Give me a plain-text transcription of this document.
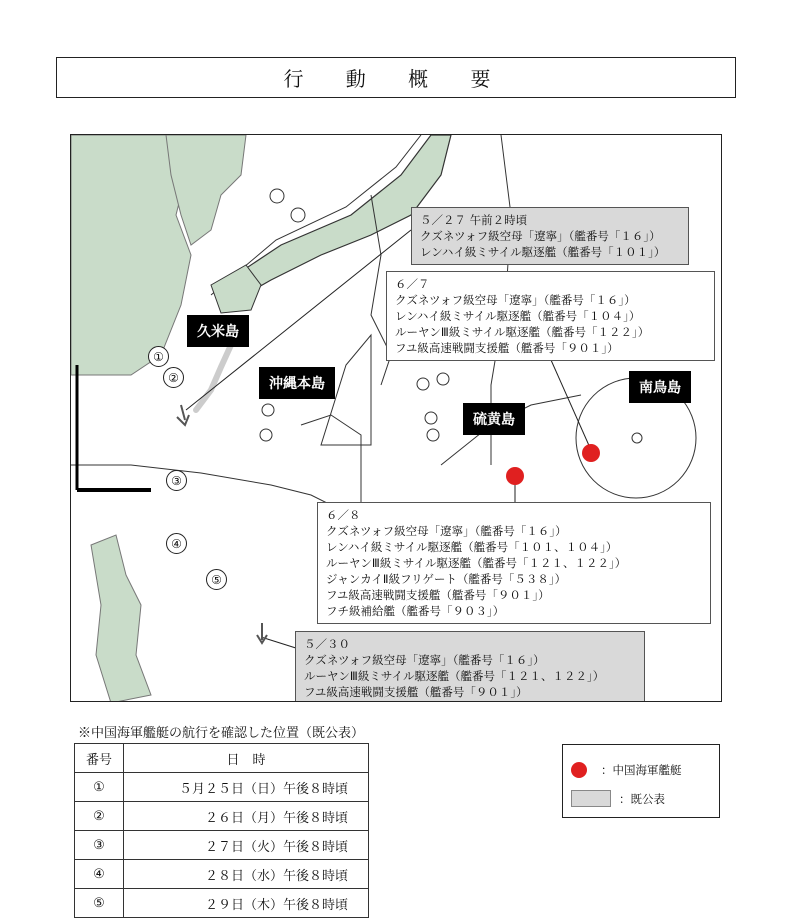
行 動 概 要
久米島
沖縄本島
硫黄島
南鳥島
①
②
③
④
⑤
５／２７ 午前２時頃
クズネツォフ級空母「遼寧」（艦番号「１６」）
レンハイ級ミサイル駆逐艦（艦番号「１０１」）
６／７
クズネツォフ級空母「遼寧」（艦番号「１６」）
レンハイ級ミサイル駆逐艦（艦番号「１０４」）
ルーヤンⅢ級ミサイル駆逐艦（艦番号「１２２」）
フユ級高速戦闘支援艦（艦番号「９０１」）
６／８
クズネツォフ級空母「遼寧」（艦番号「１６」）
レンハイ級ミサイル駆逐艦（艦番号「１０１、１０４」）
ルーヤンⅢ級ミサイル駆逐艦（艦番号「１２１、１２２」）
ジャンカイⅡ級フリゲート（艦番号「５３８」）
フユ級高速戦闘支援艦（艦番号「９０１」）
フチ級補給艦（艦番号「９０３」）
５／３０
クズネツォフ級空母「遼寧」（艦番号「１６」）
ルーヤンⅢ級ミサイル駆逐艦（艦番号「１２１、１２２」）
フユ級高速戦闘支援艦（艦番号「９０１」）
※中国海軍艦艇の航行を確認した位置（既公表）
番号	日　時
①	５月２５日（日）午後８時頃
②	２６日（月）午後８時頃
③	２７日（火）午後８時頃
④	２８日（水）午後８時頃
⑤	２９日（木）午後８時頃
：中国海軍艦艇
：既公表
